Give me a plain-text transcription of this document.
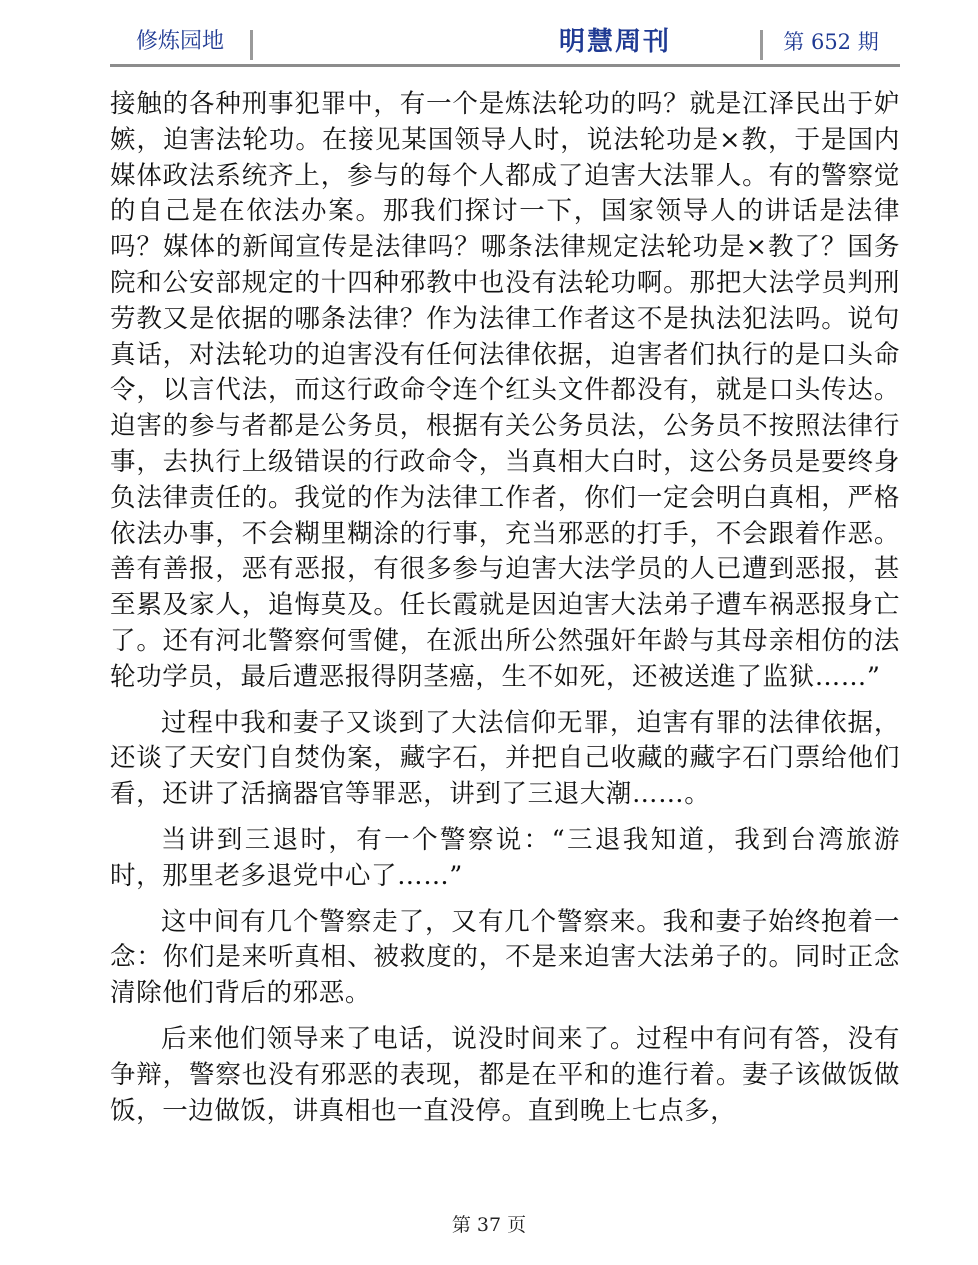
修炼园地	明慧周刊	第 652 期

接触的各种刑事犯罪中，有一个是炼法轮功的吗？就是江泽民出于妒嫉，迫害法轮功。在接见某国领导人时，说法轮功是×教，于是国内媒体政法系统齐上，参与的每个人都成了迫害大法罪人。有的警察觉的自己是在依法办案。那我们探讨一下，国家领导人的讲话是法律吗？媒体的新闻宣传是法律吗？哪条法律规定法轮功是×教了？国务院和公安部规定的十四种邪教中也没有法轮功啊。那把大法学员判刑劳教又是依据的哪条法律？作为法律工作者这不是执法犯法吗。说句真话，对法轮功的迫害没有任何法律依据，迫害者们执行的是口头命令，以言代法，而这行政命令连个红头文件都没有，就是口头传达。迫害的参与者都是公务员，根据有关公务员法，公务员不按照法律行事，去执行上级错误的行政命令，当真相大白时，这公务员是要终身负法律责任的。我觉的作为法律工作者，你们一定会明白真相，严格依法办事，不会糊里糊涂的行事，充当邪恶的打手，不会跟着作恶。善有善报，恶有恶报，有很多参与迫害大法学员的人已遭到恶报，甚至累及家人，追悔莫及。任长霞就是因迫害大法弟子遭车祸恶报身亡了。还有河北警察何雪健，在派出所公然强奸年龄与其母亲相仿的法轮功学员，最后遭恶报得阴茎癌，生不如死，还被送進了监狱……”

过程中我和妻子又谈到了大法信仰无罪，迫害有罪的法律依据，还谈了天安门自焚伪案，藏字石，并把自己收藏的藏字石门票给他们看，还讲了活摘器官等罪恶，讲到了三退大潮……。

当讲到三退时，有一个警察说：“三退我知道，我到台湾旅游时，那里老多退党中心了……”

这中间有几个警察走了，又有几个警察来。我和妻子始终抱着一念：你们是来听真相、被救度的，不是来迫害大法弟子的。同时正念清除他们背后的邪恶。

后来他们领导来了电话，说没时间来了。过程中有问有答，没有争辩，警察也没有邪恶的表现，都是在平和的進行着。妻子该做饭做饭，一边做饭，讲真相也一直没停。直到晚上七点多，

第 37 页
